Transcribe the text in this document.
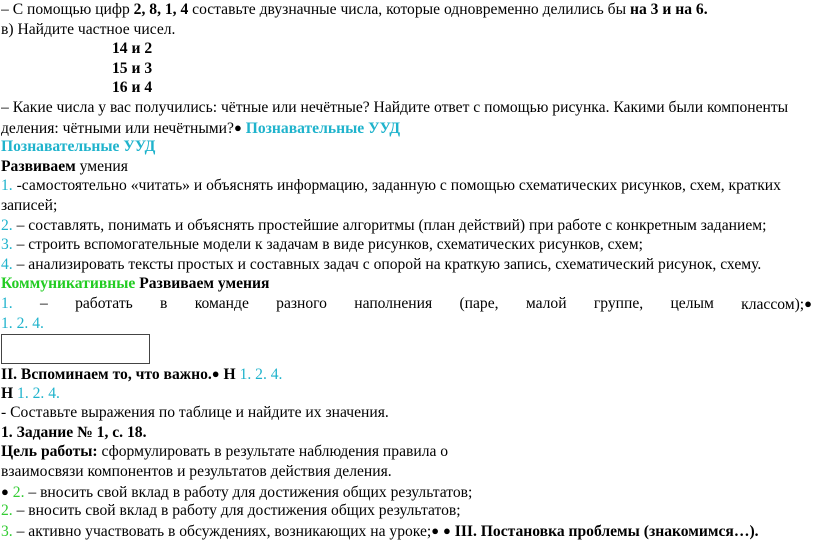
– С помощью цифр 2, 8, 1, 4 составьте двузначные числа, которые одновременно делились бы на 3 и на 6.
в) Найдите частное чисел.
14 и 2
15 и 3
16 и 4
– Какие числа у вас получились: чётные или нечётные? Найдите ответ с помощью рисунка. Какими были компоненты
деления: чётными или нечётными?● Познавательные УУД
Познавательные УУД
Развиваем умения
1. -самостоятельно «читать» и объяснять информацию, заданную с помощью схематических рисунков, схем, кратких
записей;
2. – составлять, понимать и объяснять простейшие алгоритмы (план действий) при работе с конкретным заданием;
3. – строить вспомогательные модели к задачам в виде рисунков, схематических рисунков, схем;
4. – анализировать тексты простых и составных задач с опорой на краткую запись, схематический рисунок, схему.
Коммуникативные Развиваем умения
1. – работать в команде разного наполнения (паре, малой группе, целым классом);●
1. 2. 4.
II. Вспоминаем то, что важно.● Н 1. 2. 4.
Н 1. 2. 4.
- Составьте выражения по таблице и найдите их значения.
1. Задание № 1, с. 18.
Цель работы: сформулировать в результате наблюдения правила о
взаимосвязи компонентов и результатов действия деления.
● 2. – вносить свой вклад в работу для достижения общих результатов;
2. – вносить свой вклад в работу для достижения общих результатов;
3. – активно участвовать в обсуждениях, возникающих на уроке;● ● III. Постановка проблемы (знакомимся…).
